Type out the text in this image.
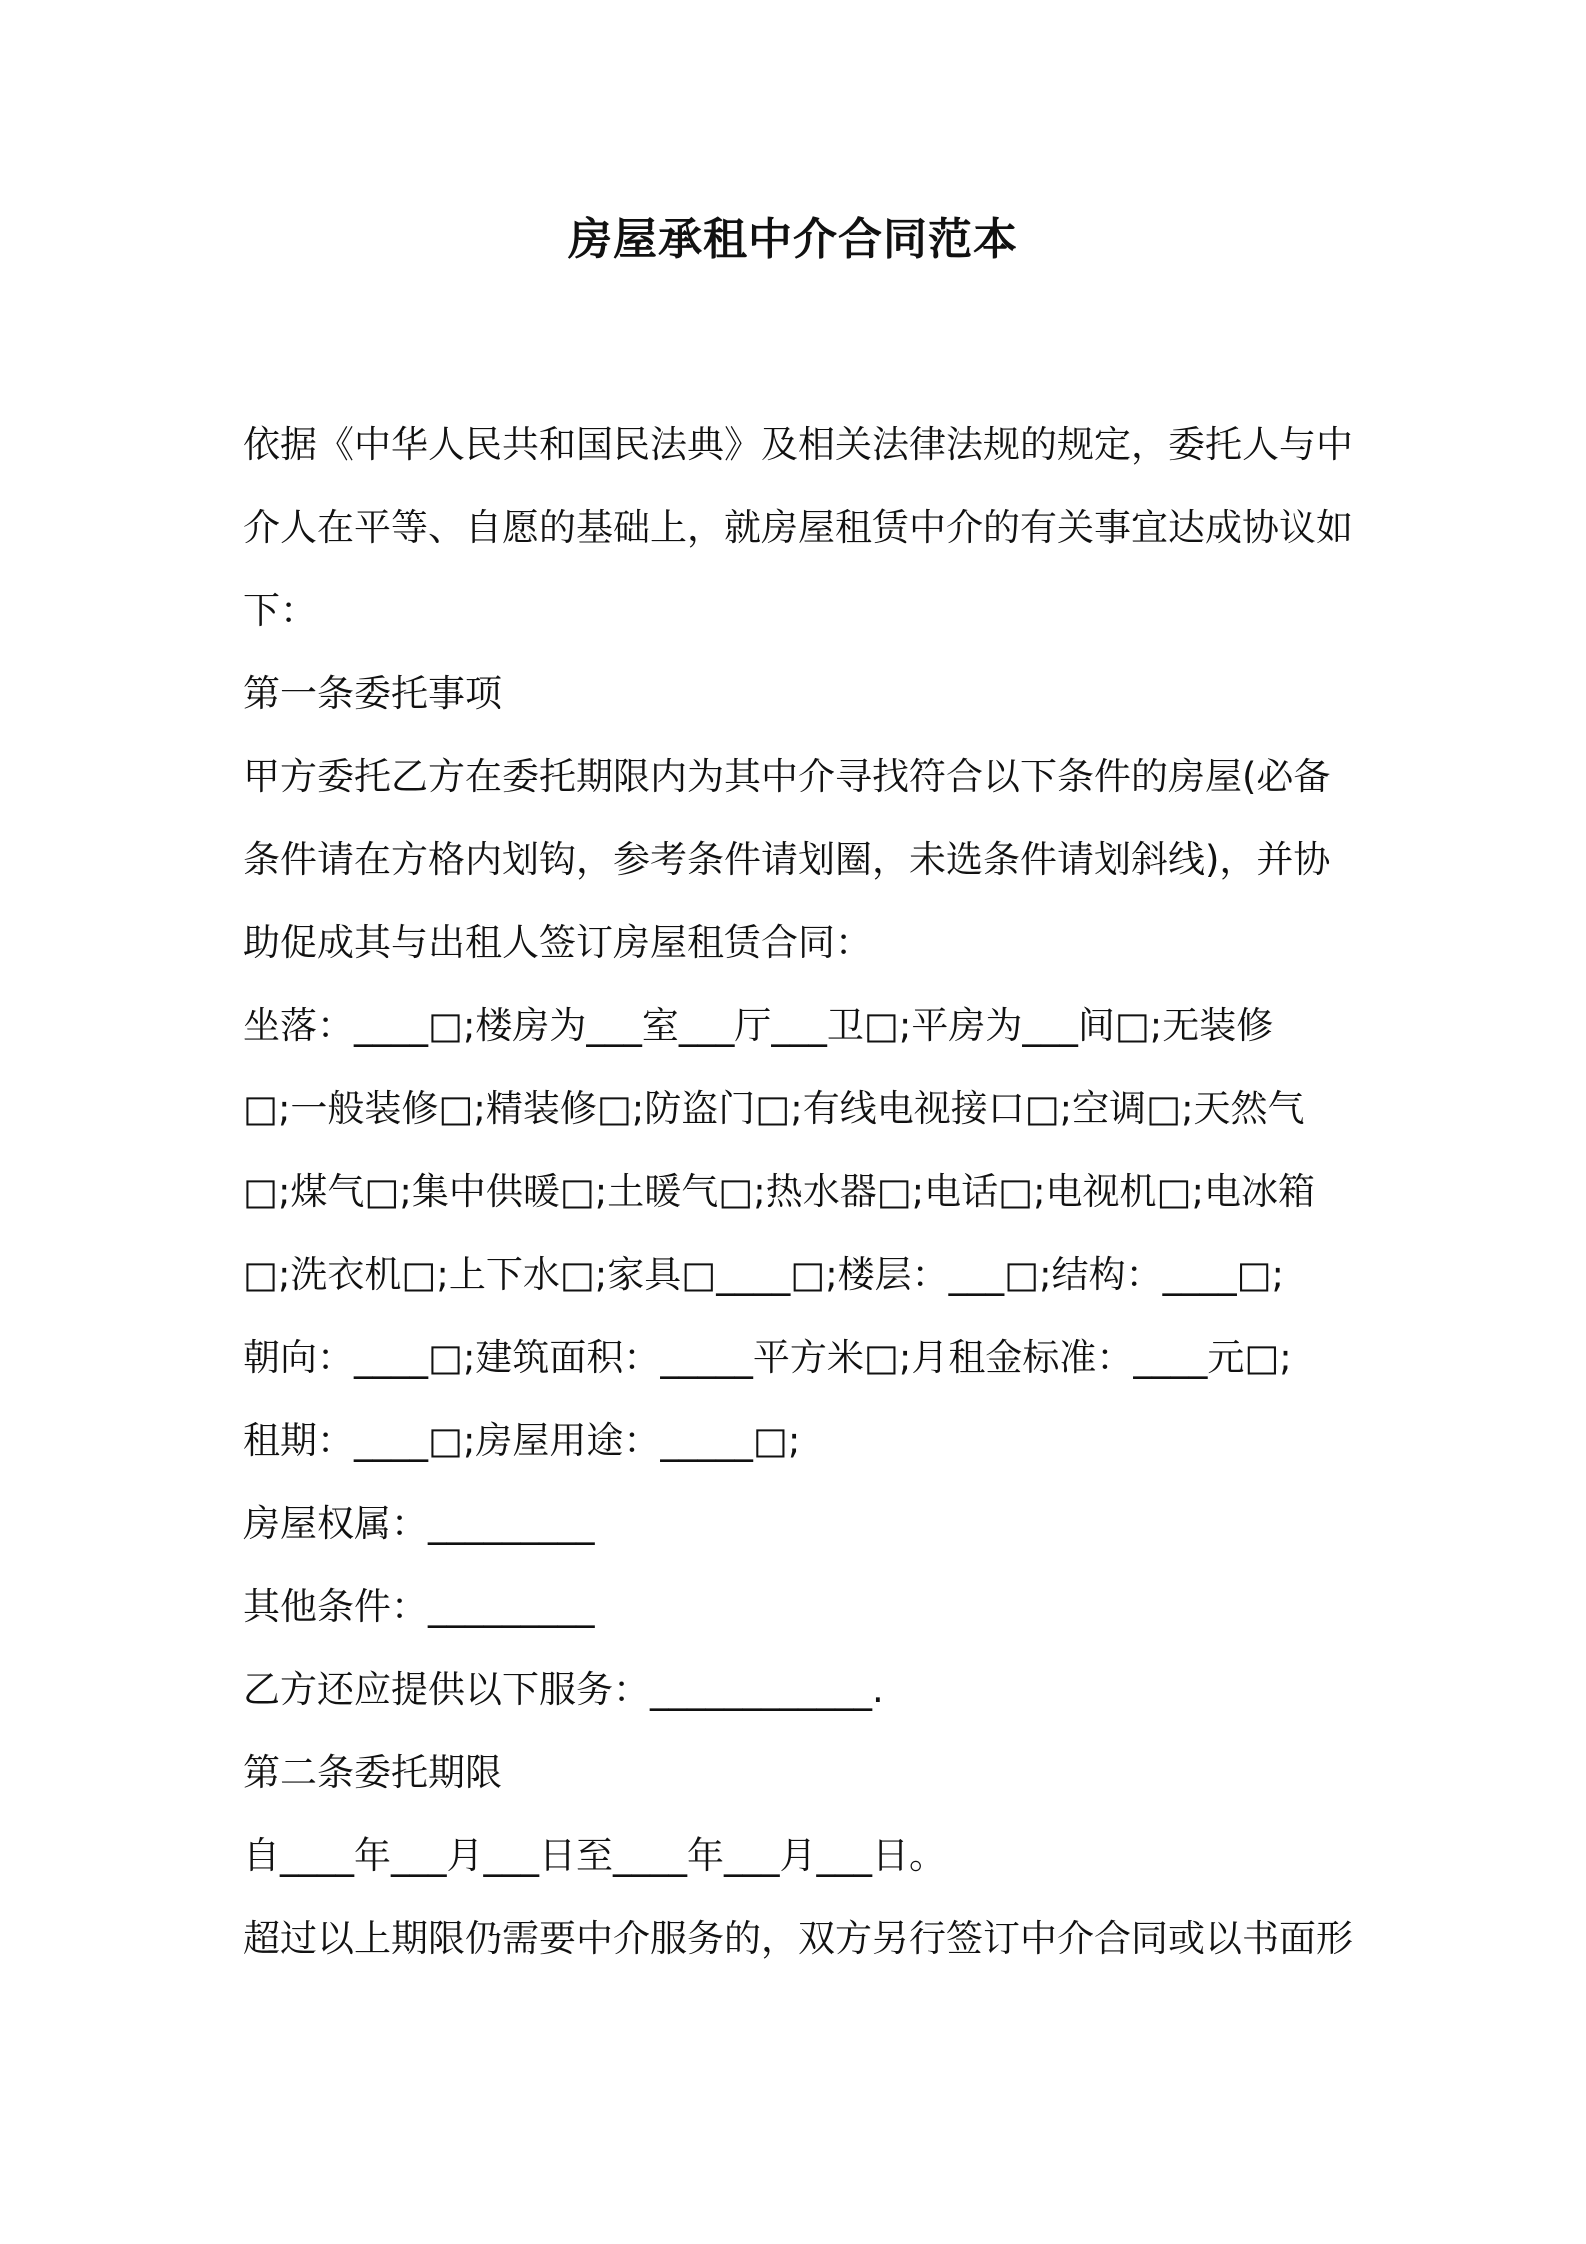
房屋承租中介合同范本

依据《中华人民共和国民法典》及相关法律法规的规定，委托人与中

介人在平等、自愿的基础上，就房屋租赁中介的有关事宜达成协议如

下：

第一条委托事项

甲方委托乙方在委托期限内为其中介寻找符合以下条件的房屋(必备

条件请在方格内划钩，参考条件请划圈，未选条件请划斜线)，并协

助促成其与出租人签订房屋租赁合同：

坐落：____□;楼房为___室___厅___卫□;平房为___间□;无装修

□;一般装修□;精装修□;防盗门□;有线电视接口□;空调□;天然气

□;煤气□;集中供暖□;土暖气□;热水器□;电话□;电视机□;电冰箱

□;洗衣机□;上下水□;家具□____□;楼层：___□;结构：____□;

朝向：____□;建筑面积：_____平方米□;月租金标准：____元□;

租期：____□;房屋用途：_____□;

房屋权属：_________

其他条件：_________

乙方还应提供以下服务：____________.

第二条委托期限

自____年___月___日至____年___月___日。

超过以上期限仍需要中介服务的，双方另行签订中介合同或以书面形
